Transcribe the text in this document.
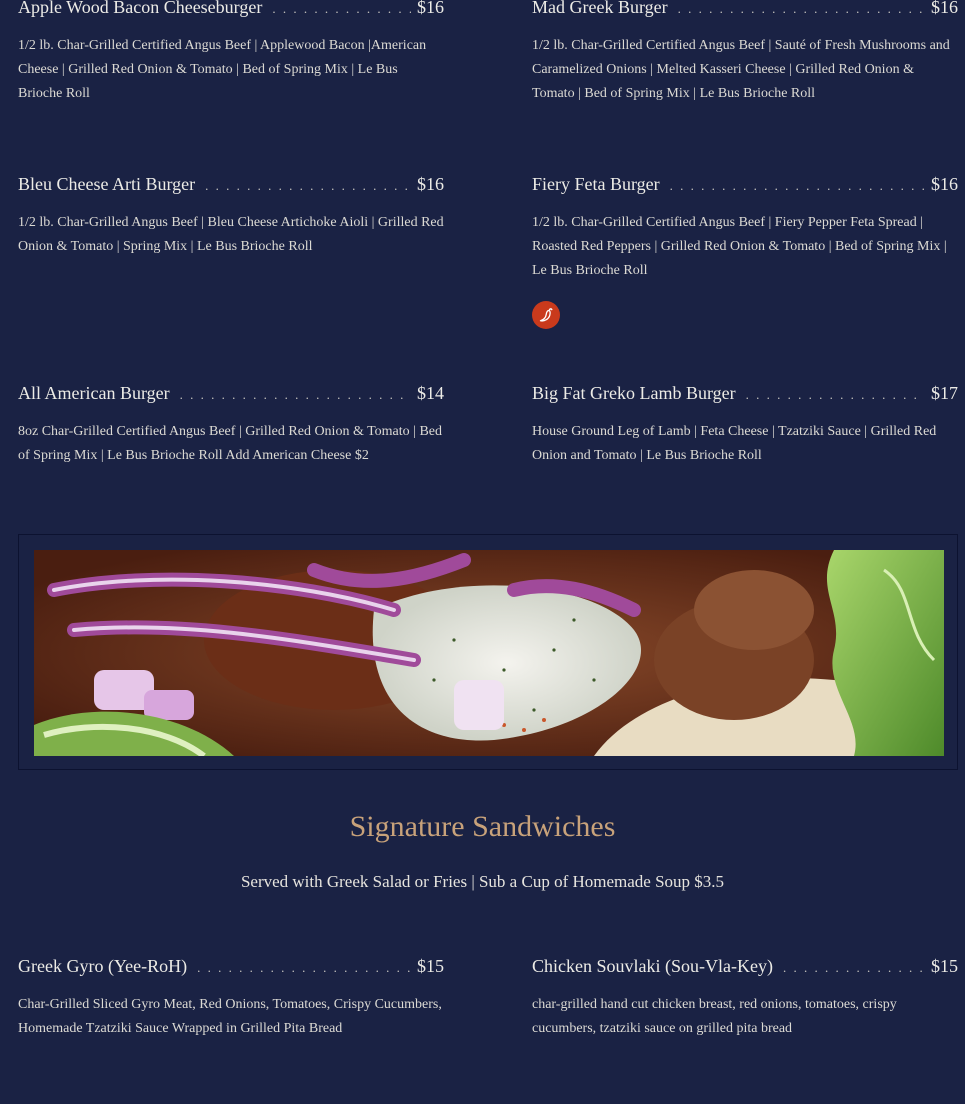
Apple Wood Bacon Cheeseburger . . .	$16
1/2 lb. Char-Grilled Certified Angus Beef | Applewood Bacon |American Cheese | Grilled Red Onion & Tomato | Bed of Spring Mix | Le Bus Brioche Roll
Mad Greek Burger . . .	$16
1/2 lb. Char-Grilled Certified Angus Beef | Sauté of Fresh Mushrooms and Caramelized Onions | Melted Kasseri Cheese | Grilled Red Onion & Tomato | Bed of Spring Mix | Le Bus Brioche Roll
Bleu Cheese Arti Burger . . .	$16
1/2 lb. Char-Grilled Angus Beef | Bleu Cheese Artichoke Aioli | Grilled Red Onion & Tomato | Spring Mix | Le Bus Brioche Roll
Fiery Feta Burger . . .	$16
1/2 lb. Char-Grilled Certified Angus Beef | Fiery Pepper Feta Spread | Roasted Red Peppers | Grilled Red Onion & Tomato | Bed of Spring Mix | Le Bus Brioche Roll
All American Burger . . .	$14
8oz Char-Grilled Certified Angus Beef | Grilled Red Onion & Tomato | Bed of Spring Mix | Le Bus Brioche Roll Add American Cheese $2
Big Fat Greko Lamb Burger . . .	$17
House Ground Leg of Lamb | Feta Cheese | Tzatziki Sauce | Grilled Red Onion and Tomato | Le Bus Brioche Roll
Signature Sandwiches
Served with Greek Salad or Fries | Sub a Cup of Homemade Soup $3.5
Greek Gyro (Yee-RoH) . . .	$15
Char-Grilled Sliced Gyro Meat, Red Onions, Tomatoes, Crispy Cucumbers, Homemade Tzatziki Sauce Wrapped in Grilled Pita Bread
Chicken Souvlaki (Sou-Vla-Key) . . .	$15
char-grilled hand cut chicken breast, red onions, tomatoes, crispy cucumbers, tzatziki sauce on grilled pita bread
